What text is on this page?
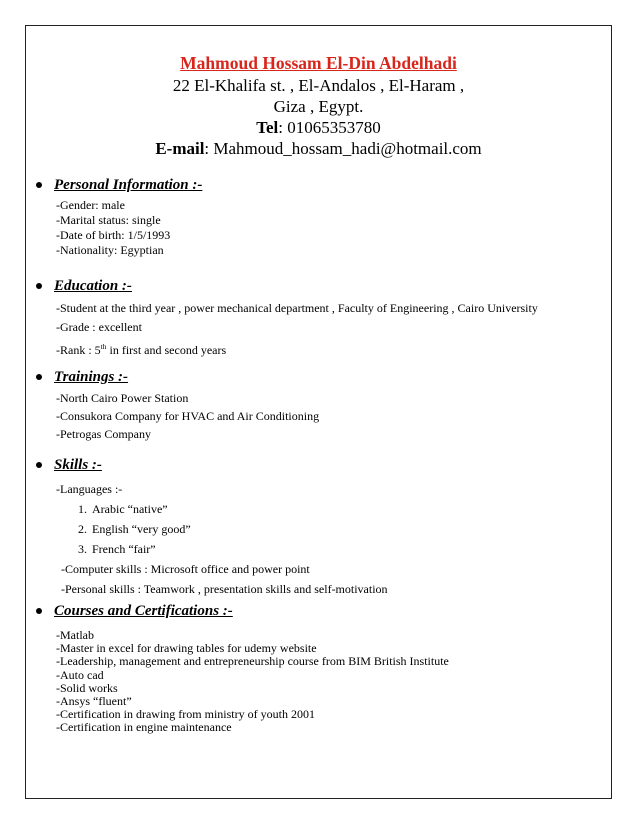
Mahmoud Hossam El-Din Abdelhadi
22 El-Khalifa st. , El-Andalos , El-Haram ,
Giza , Egypt.
Tel: 01065353780
E-mail: Mahmoud_hossam_hadi@hotmail.com
Personal Information :-
-Gender: male
-Marital status: single
-Date of birth: 1/5/1993
-Nationality: Egyptian
Education :-
-Student at the third year , power mechanical department , Faculty of Engineering , Cairo University
-Grade : excellent
-Rank : 5th in first and second years
Trainings :-
-North Cairo Power Station
-Consukora Company for HVAC and Air Conditioning
-Petrogas Company
Skills :-
-Languages :-
1. Arabic “native”
2. English “very good”
3. French “fair”
-Computer skills : Microsoft office and power point
-Personal skills : Teamwork , presentation skills and self-motivation
Courses and Certifications :-
-Matlab
-Master in excel for drawing tables for udemy website
-Leadership, management and entrepreneurship course from BIM British Institute
-Auto cad
-Solid works
-Ansys “fluent”
-Certification in drawing from ministry of youth 2001
-Certification in engine maintenance
